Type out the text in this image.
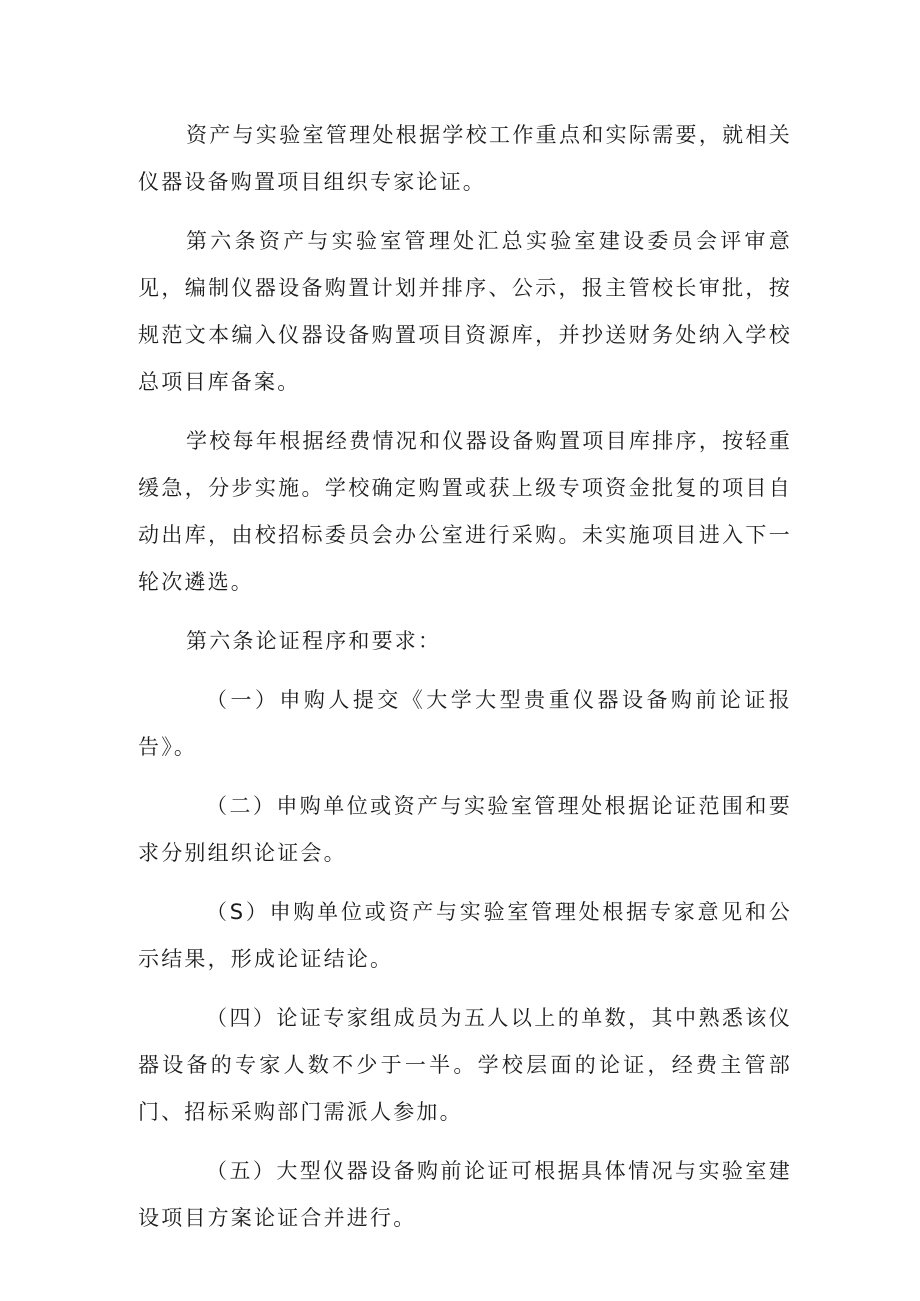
资产与实验室管理处根据学校工作重点和实际需要，就相关仪器设备购置项目组织专家论证。

第六条资产与实验室管理处汇总实验室建设委员会评审意见，编制仪器设备购置计划并排序、公示，报主管校长审批，按规范文本编入仪器设备购置项目资源库，并抄送财务处纳入学校总项目库备案。

学校每年根据经费情况和仪器设备购置项目库排序，按轻重缓急，分步实施。学校确定购置或获上级专项资金批复的项目自动出库，由校招标委员会办公室进行采购。未实施项目进入下一轮次遴选。

第六条论证程序和要求：

（一）申购人提交《大学大型贵重仪器设备购前论证报告》。

（二）申购单位或资产与实验室管理处根据论证范围和要求分别组织论证会。

（S）申购单位或资产与实验室管理处根据专家意见和公示结果，形成论证结论。

（四）论证专家组成员为五人以上的单数，其中熟悉该仪器设备的专家人数不少于一半。学校层面的论证，经费主管部门、招标采购部门需派人参加。

（五）大型仪器设备购前论证可根据具体情况与实验室建设项目方案论证合并进行。
